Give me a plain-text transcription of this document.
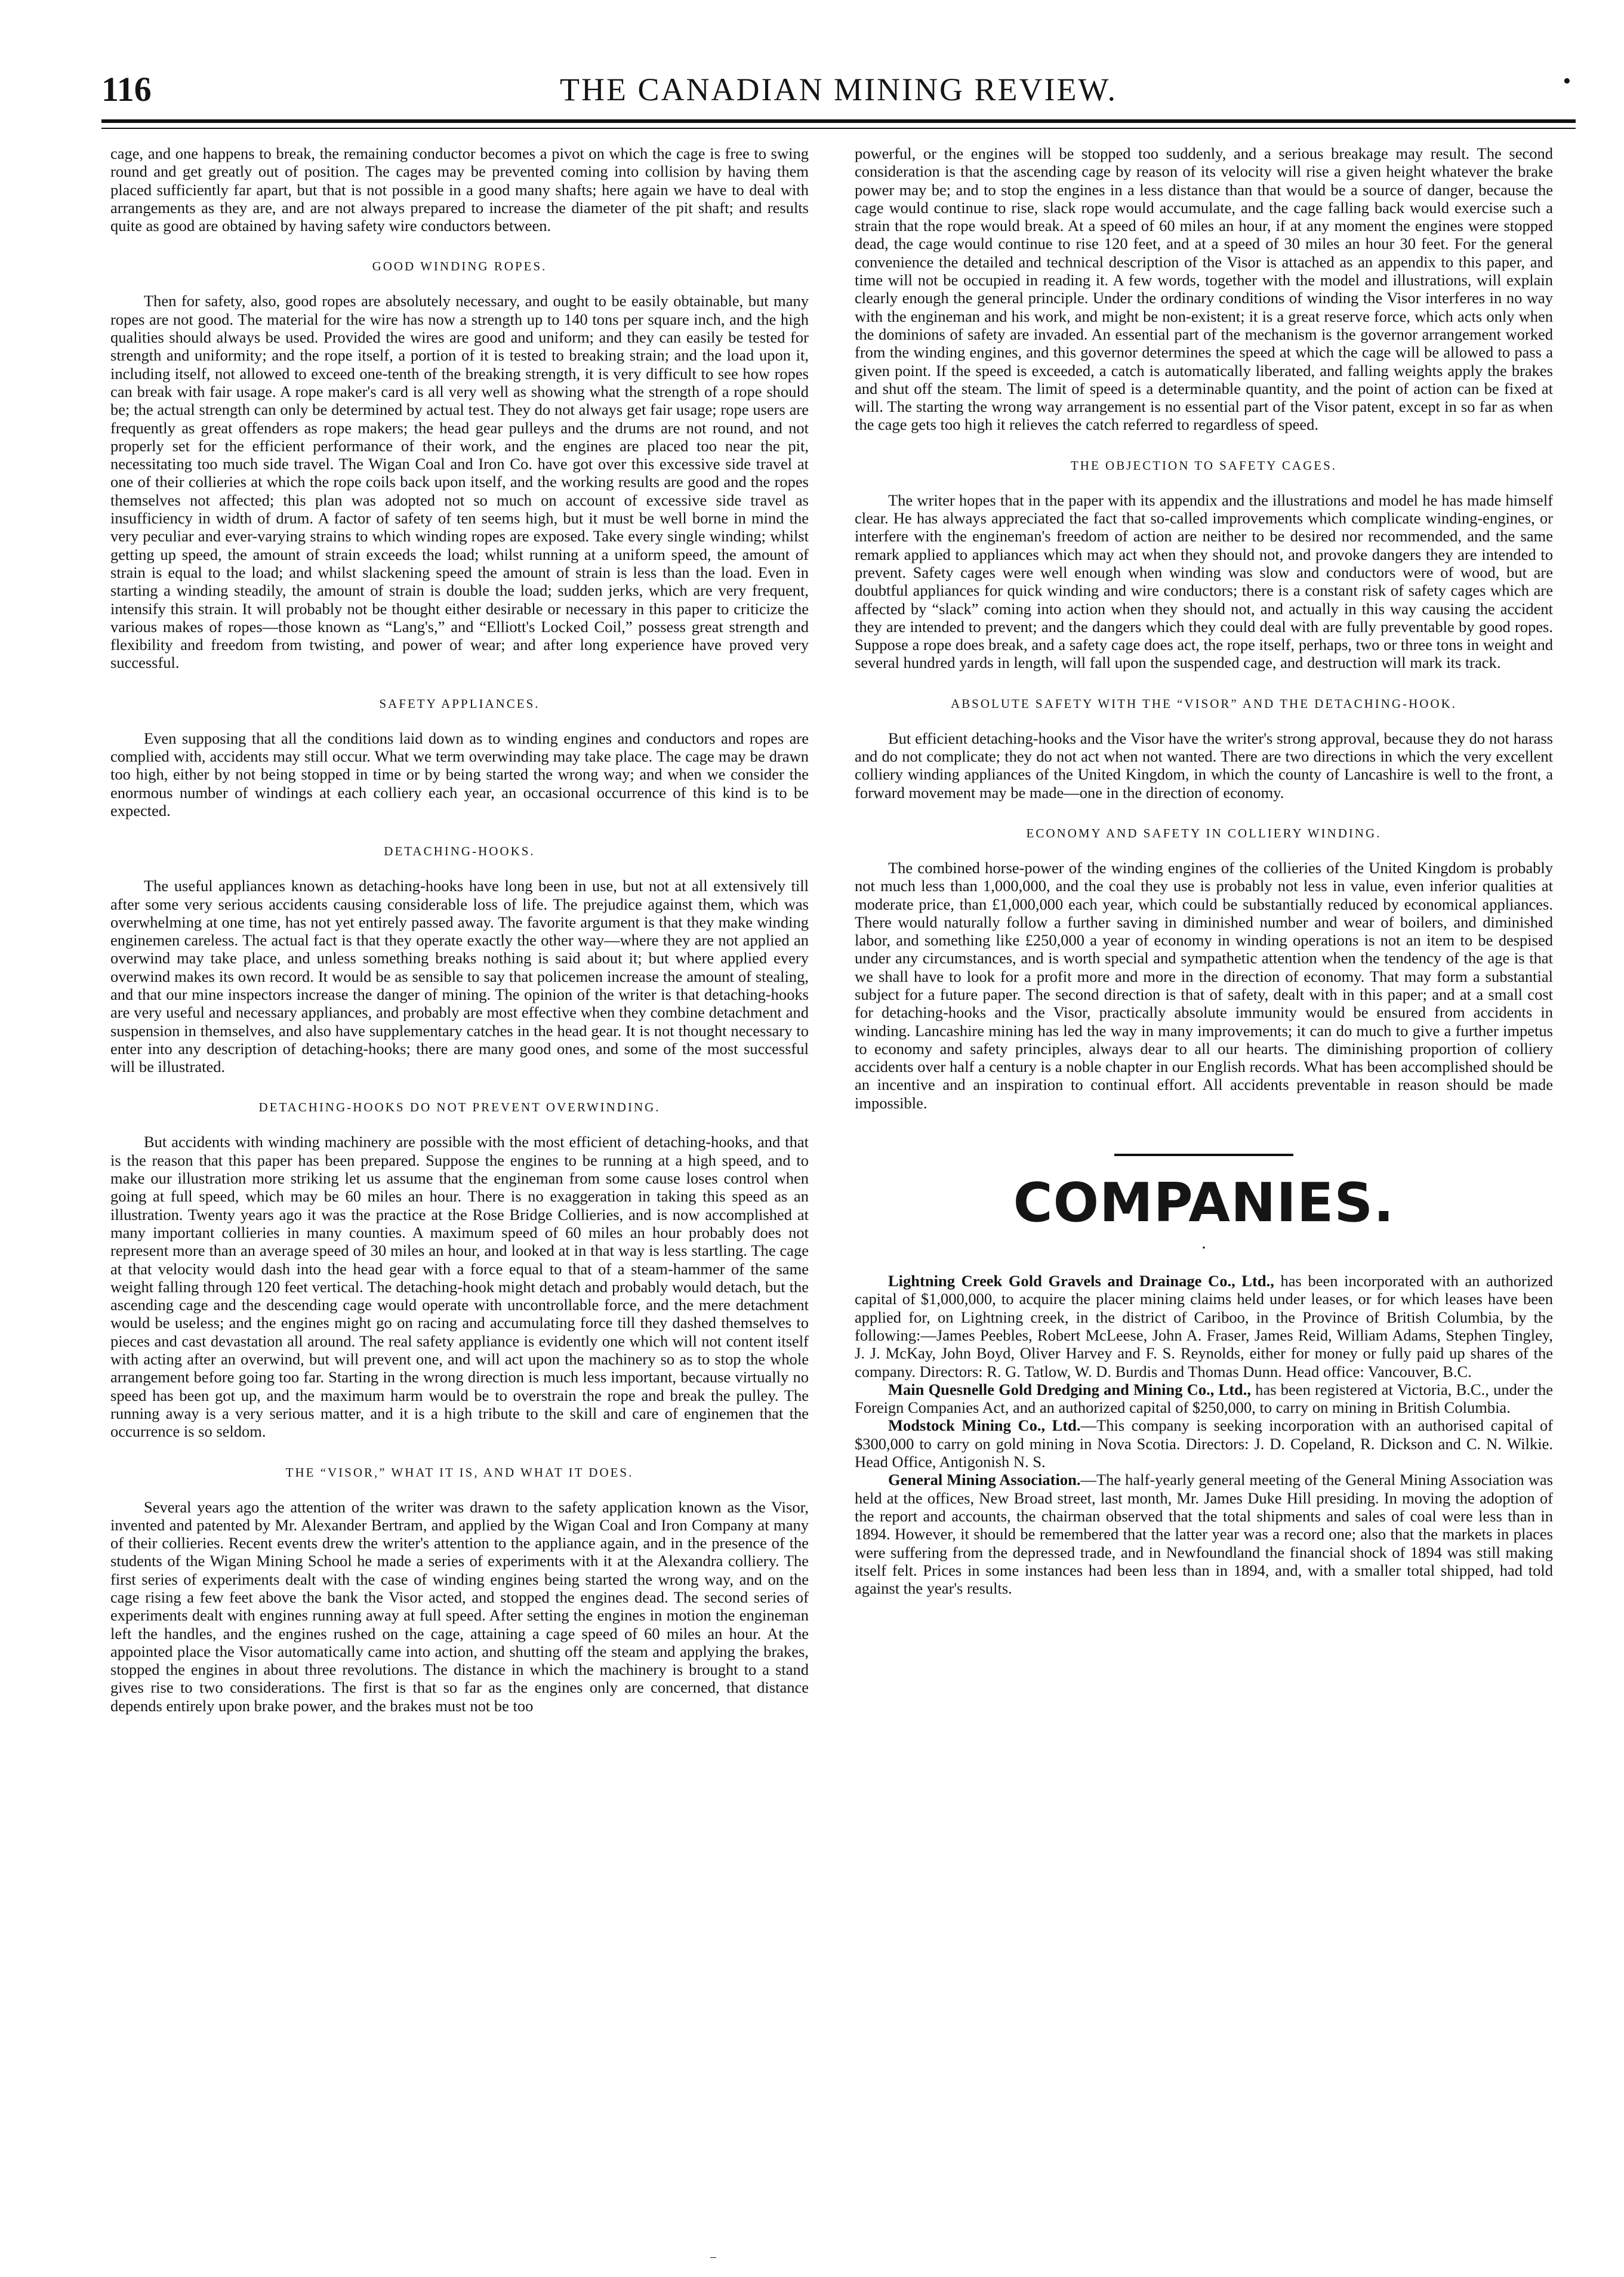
116	THE CANADIAN MINING REVIEW.	•

cage, and one happens to break, the remaining conductor becomes a pivot on which the cage is free to swing round and get greatly out of position. The cages may be prevented coming into collision by having them placed sufficiently far apart, but that is not possible in a good many shafts; here again we have to deal with arrangements as they are, and are not always prepared to increase the diameter of the pit shaft; and results quite as good are obtained by having safety wire conductors between.

GOOD WINDING ROPES.

Then for safety, also, good ropes are absolutely necessary, and ought to be easily obtainable, but many ropes are not good. The material for the wire has now a strength up to 140 tons per square inch, and the high qualities should always be used. Provided the wires are good and uniform; and they can easily be tested for strength and uniformity; and the rope itself, a portion of it is tested to breaking strain; and the load upon it, including itself, not allowed to exceed one-tenth of the breaking strength, it is very difficult to see how ropes can break with fair usage. A rope maker's card is all very well as showing what the strength of a rope should be; the actual strength can only be determined by actual test. They do not always get fair usage; rope users are frequently as great offenders as rope makers; the head gear pulleys and the drums are not round, and not properly set for the efficient performance of their work, and the engines are placed too near the pit, necessitating too much side travel. The Wigan Coal and Iron Co. have got over this excessive side travel at one of their collieries at which the rope coils back upon itself, and the working results are good and the ropes themselves not affected; this plan was adopted not so much on account of excessive side travel as insufficiency in width of drum. A factor of safety of ten seems high, but it must be well borne in mind the very peculiar and ever-varying strains to which winding ropes are exposed. Take every single winding; whilst getting up speed, the amount of strain exceeds the load; whilst running at a uniform speed, the amount of strain is equal to the load; and whilst slackening speed the amount of strain is less than the load. Even in starting a winding steadily, the amount of strain is double the load; sudden jerks, which are very frequent, intensify this strain. It will probably not be thought either desirable or necessary in this paper to criticize the various makes of ropes—those known as “Lang's,” and “Elliott's Locked Coil,” possess great strength and flexibility and freedom from twisting, and power of wear; and after long experience have proved very successful.

SAFETY APPLIANCES.

Even supposing that all the conditions laid down as to winding engines and conductors and ropes are complied with, accidents may still occur. What we term overwinding may take place. The cage may be drawn too high, either by not being stopped in time or by being started the wrong way; and when we consider the enormous number of windings at each colliery each year, an occasional occurrence of this kind is to be expected.

DETACHING-HOOKS.

The useful appliances known as detaching-hooks have long been in use, but not at all extensively till after some very serious accidents causing considerable loss of life. The prejudice against them, which was overwhelming at one time, has not yet entirely passed away. The favorite argument is that they make winding enginemen careless. The actual fact is that they operate exactly the other way—where they are not applied an overwind may take place, and unless something breaks nothing is said about it; but where applied every overwind makes its own record. It would be as sensible to say that policemen increase the amount of stealing, and that our mine inspectors increase the danger of mining. The opinion of the writer is that detaching-hooks are very useful and necessary appliances, and probably are most effective when they combine detachment and suspension in themselves, and also have supplementary catches in the head gear. It is not thought necessary to enter into any description of detaching-hooks; there are many good ones, and some of the most successful will be illustrated.

DETACHING-HOOKS DO NOT PREVENT OVERWINDING.

But accidents with winding machinery are possible with the most efficient of detaching-hooks, and that is the reason that this paper has been prepared. Suppose the engines to be running at a high speed, and to make our illustration more striking let us assume that the engineman from some cause loses control when going at full speed, which may be 60 miles an hour. There is no exaggeration in taking this speed as an illustration. Twenty years ago it was the practice at the Rose Bridge Collieries, and is now accomplished at many important collieries in many counties. A maximum speed of 60 miles an hour probably does not represent more than an average speed of 30 miles an hour, and looked at in that way is less startling. The cage at that velocity would dash into the head gear with a force equal to that of a steam-hammer of the same weight falling through 120 feet vertical. The detaching-hook might detach and probably would detach, but the ascending cage and the descending cage would operate with uncontrollable force, and the mere detachment would be useless; and the engines might go on racing and accumulating force till they dashed themselves to pieces and cast devastation all around. The real safety appliance is evidently one which will not content itself with acting after an overwind, but will prevent one, and will act upon the machinery so as to stop the whole arrangement before going too far. Starting in the wrong direction is much less important, because virtually no speed has been got up, and the maximum harm would be to overstrain the rope and break the pulley. The running away is a very serious matter, and it is a high tribute to the skill and care of enginemen that the occurrence is so seldom.

THE “VISOR,” WHAT IT IS, AND WHAT IT DOES.

Several years ago the attention of the writer was drawn to the safety application known as the Visor, invented and patented by Mr. Alexander Bertram, and applied by the Wigan Coal and Iron Company at many of their collieries. Recent events drew the writer's attention to the appliance again, and in the presence of the students of the Wigan Mining School he made a series of experiments with it at the Alexandra colliery. The first series of experiments dealt with the case of winding engines being started the wrong way, and on the cage rising a few feet above the bank the Visor acted, and stopped the engines dead. The second series of experiments dealt with engines running away at full speed. After setting the engines in motion the engineman left the handles, and the engines rushed on the cage, attaining a cage speed of 60 miles an hour. At the appointed place the Visor automatically came into action, and shutting off the steam and applying the brakes, stopped the engines in about three revolutions. The distance in which the machinery is brought to a stand gives rise to two considerations. The first is that so far as the engines only are concerned, that distance depends entirely upon brake power, and the brakes must not be too

powerful, or the engines will be stopped too suddenly, and a serious breakage may result. The second consideration is that the ascending cage by reason of its velocity will rise a given height whatever the brake power may be; and to stop the engines in a less distance than that would be a source of danger, because the cage would continue to rise, slack rope would accumulate, and the cage falling back would exercise such a strain that the rope would break. At a speed of 60 miles an hour, if at any moment the engines were stopped dead, the cage would continue to rise 120 feet, and at a speed of 30 miles an hour 30 feet. For the general convenience the detailed and technical description of the Visor is attached as an appendix to this paper, and time will not be occupied in reading it. A few words, together with the model and illustrations, will explain clearly enough the general principle. Under the ordinary conditions of winding the Visor interferes in no way with the engineman and his work, and might be non-existent; it is a great reserve force, which acts only when the dominions of safety are invaded. An essential part of the mechanism is the governor arrangement worked from the winding engines, and this governor determines the speed at which the cage will be allowed to pass a given point. If the speed is exceeded, a catch is automatically liberated, and falling weights apply the brakes and shut off the steam. The limit of speed is a determinable quantity, and the point of action can be fixed at will. The starting the wrong way arrangement is no essential part of the Visor patent, except in so far as when the cage gets too high it relieves the catch referred to regardless of speed.

THE OBJECTION TO SAFETY CAGES.

The writer hopes that in the paper with its appendix and the illustrations and model he has made himself clear. He has always appreciated the fact that so-called improvements which complicate winding-engines, or interfere with the engineman's freedom of action are neither to be desired nor recommended, and the same remark applied to appliances which may act when they should not, and provoke dangers they are intended to prevent. Safety cages were well enough when winding was slow and conductors were of wood, but are doubtful appliances for quick winding and wire conductors; there is a constant risk of safety cages which are affected by “slack” coming into action when they should not, and actually in this way causing the accident they are intended to prevent; and the dangers which they could deal with are fully preventable by good ropes. Suppose a rope does break, and a safety cage does act, the rope itself, perhaps, two or three tons in weight and several hundred yards in length, will fall upon the suspended cage, and destruction will mark its track.

ABSOLUTE SAFETY WITH THE “VISOR” AND THE DETACHING-HOOK.

But efficient detaching-hooks and the Visor have the writer's strong approval, because they do not harass and do not complicate; they do not act when not wanted. There are two directions in which the very excellent colliery winding appliances of the United Kingdom, in which the county of Lancashire is well to the front, a forward movement may be made—one in the direction of economy.

ECONOMY AND SAFETY IN COLLIERY WINDING.

The combined horse-power of the winding engines of the collieries of the United Kingdom is probably not much less than 1,000,000, and the coal they use is probably not less in value, even inferior qualities at moderate price, than £1,000,000 each year, which could be substantially reduced by economical appliances. There would naturally follow a further saving in diminished number and wear of boilers, and diminished labor, and something like £250,000 a year of economy in winding operations is not an item to be despised under any circumstances, and is worth special and sympathetic attention when the tendency of the age is that we shall have to look for a profit more and more in the direction of economy. That may form a substantial subject for a future paper. The second direction is that of safety, dealt with in this paper; and at a small cost for detaching-hooks and the Visor, practically absolute immunity would be ensured from accidents in winding. Lancashire mining has led the way in many improvements; it can do much to give a further impetus to economy and safety principles, always dear to all our hearts. The diminishing proportion of colliery accidents over half a century is a noble chapter in our English records. What has been accomplished should be an incentive and an inspiration to continual effort. All accidents preventable in reason should be made impossible.

COMPANIES.
·

Lightning Creek Gold Gravels and Drainage Co., Ltd., has been incorporated with an authorized capital of $1,000,000, to acquire the placer mining claims held under leases, or for which leases have been applied for, on Lightning creek, in the district of Cariboo, in the Province of British Columbia, by the following:—James Peebles, Robert McLeese, John A. Fraser, James Reid, William Adams, Stephen Tingley, J. J. McKay, John Boyd, Oliver Harvey and F. S. Reynolds, either for money or fully paid up shares of the company. Directors: R. G. Tatlow, W. D. Burdis and Thomas Dunn. Head office: Vancouver, B.C.

Main Quesnelle Gold Dredging and Mining Co., Ltd., has been registered at Victoria, B.C., under the Foreign Companies Act, and an authorized capital of $250,000, to carry on mining in British Columbia.

Modstock Mining Co., Ltd.—This company is seeking incorporation with an authorised capital of $300,000 to carry on gold mining in Nova Scotia. Directors: J. D. Copeland, R. Dickson and C. N. Wilkie. Head Office, Antigonish N. S.

General Mining Association.—The half-yearly general meeting of the General Mining Association was held at the offices, New Broad street, last month, Mr. James Duke Hill presiding. In moving the adoption of the report and accounts, the chairman observed that the total shipments and sales of coal were less than in 1894. However, it should be remembered that the latter year was a record one; also that the markets in places were suffering from the depressed trade, and in Newfoundland the financial shock of 1894 was still making itself felt. Prices in some instances had been less than in 1894, and, with a smaller total shipped, had told against the year's results.

–
